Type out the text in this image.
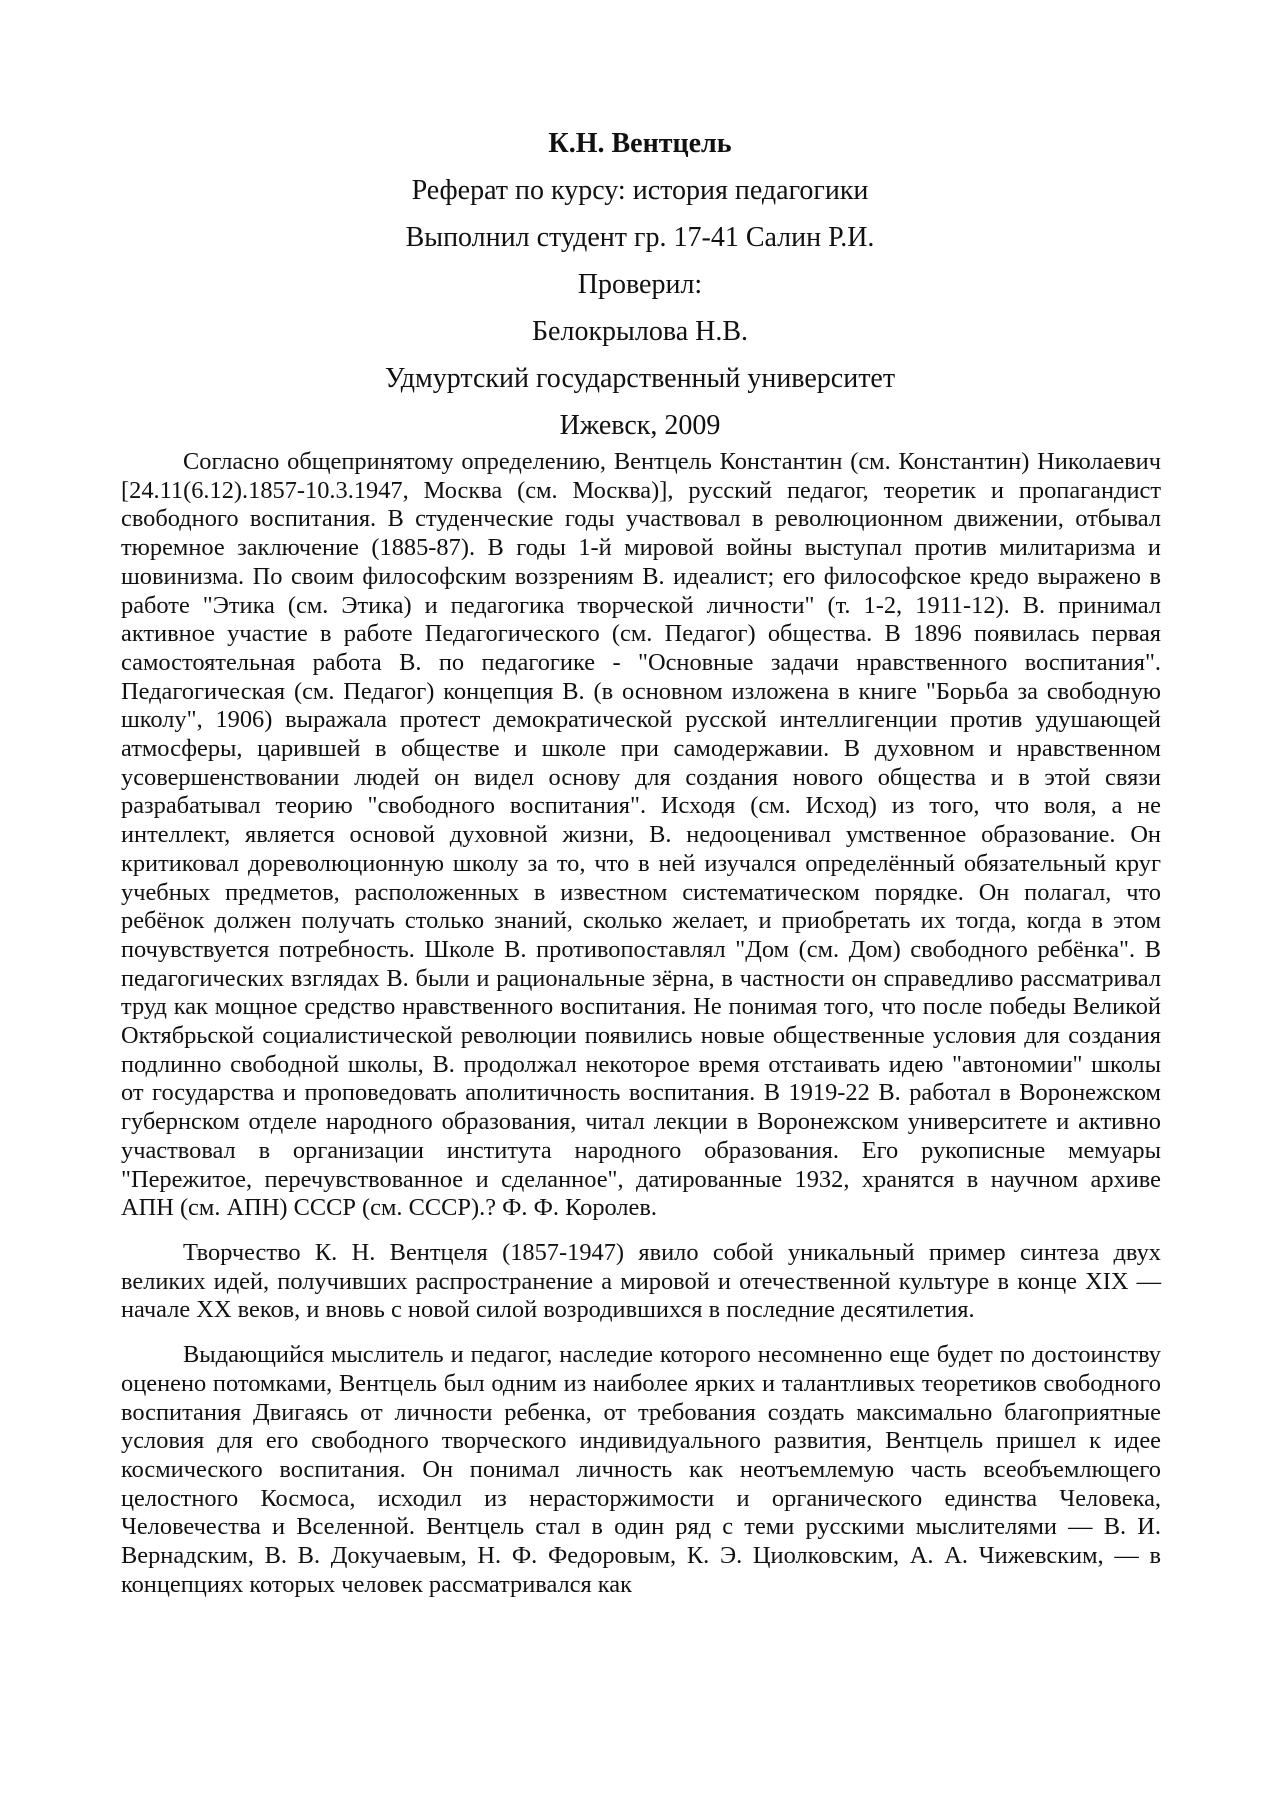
К.Н. Вентцель

Реферат по курсу: история педагогики

Выполнил студент гр. 17-41 Салин Р.И.

Проверил:

Белокрылова Н.В.

Удмуртский государственный университет

Ижевск, 2009

Согласно общепринятому определению, Вентцель Константин (см. Константин) Николаевич [24.11(6.12).1857-10.3.1947, Москва (см. Москва)], русский педагог, теоретик и пропагандист свободного воспитания. В студенческие годы участвовал в революционном движении, отбывал тюремное заключение (1885-87). В годы 1-й мировой войны выступал против милитаризма и шовинизма. По своим философским воззрениям В. идеалист; его философское кредо выражено в работе "Этика (см. Этика) и педагогика творческой личности" (т. 1-2, 1911-12). В. принимал активное участие в работе Педагогического (см. Педагог) общества. В 1896 появилась первая самостоятельная работа В. по педагогике - "Основные задачи нравственного воспитания". Педагогическая (см. Педагог) концепция В. (в основном изложена в книге "Борьба за свободную школу", 1906) выражала протест демократической русской интеллигенции против удушающей атмосферы, царившей в обществе и школе при самодержавии. В духовном и нравственном усовершенствовании людей он видел основу для создания нового общества и в этой связи разрабатывал теорию "свободного воспитания". Исходя (см. Исход) из того, что воля, а не интеллект, является основой духовной жизни, В. недооценивал умственное образование. Он критиковал дореволюционную школу за то, что в ней изучался определённый обязательный круг учебных предметов, расположенных в известном систематическом порядке. Он полагал, что ребёнок должен получать столько знаний, сколько желает, и приобретать их тогда, когда в этом почувствуется потребность. Школе В. противопоставлял "Дом (см. Дом) свободного ребёнка". В педагогических взглядах В. были и рациональные зёрна, в частности он справедливо рассматривал труд как мощное средство нравственного воспитания. Не понимая того, что после победы Великой Октябрьской социалистической революции появились новые общественные условия для создания подлинно свободной школы, В. продолжал некоторое время отстаивать идею "автономии" школы от государства и проповедовать аполитичность воспитания. В 1919-22 В. работал в Воронежском губернском отделе народного образования, читал лекции в Воронежском университете и активно участвовал в организации института народного образования. Его рукописные мемуары "Пережитое, перечувствованное и сделанное", датированные 1932, хранятся в научном архиве АПН (см. АПН) СССР (см. СССР).? Ф. Ф. Королев.

Творчество К. Н. Вентцеля (1857-1947) явило собой уникальный пример синтеза двух великих идей, получивших распространение а мировой и отечественной культуре в конце XIX — начале XX веков, и вновь с новой силой возродившихся в последние десятилетия.

Выдающийся мыслитель и педагог, наследие которого несомненно еще будет по достоинству оценено потомками, Вентцель был одним из наиболее ярких и талантливых теоретиков свободного воспитания Двигаясь от личности ребенка, от требования создать максимально благоприятные условия для его свободного творческого индивидуального развития, Вентцель пришел к идее космического воспитания. Он понимал личность как неотъемлемую часть всеобъемлющего целостного Космоса, исходил из нерасторжимости и органического единства Человека, Человечества и Вселенной. Вентцель стал в один ряд с теми русскими мыслителями — В. И. Вернадским, В. В. Докучаевым, Н. Ф. Федоровым, К. Э. Циолковским, А. А. Чижевским, — в концепциях которых человек рассматривался как
